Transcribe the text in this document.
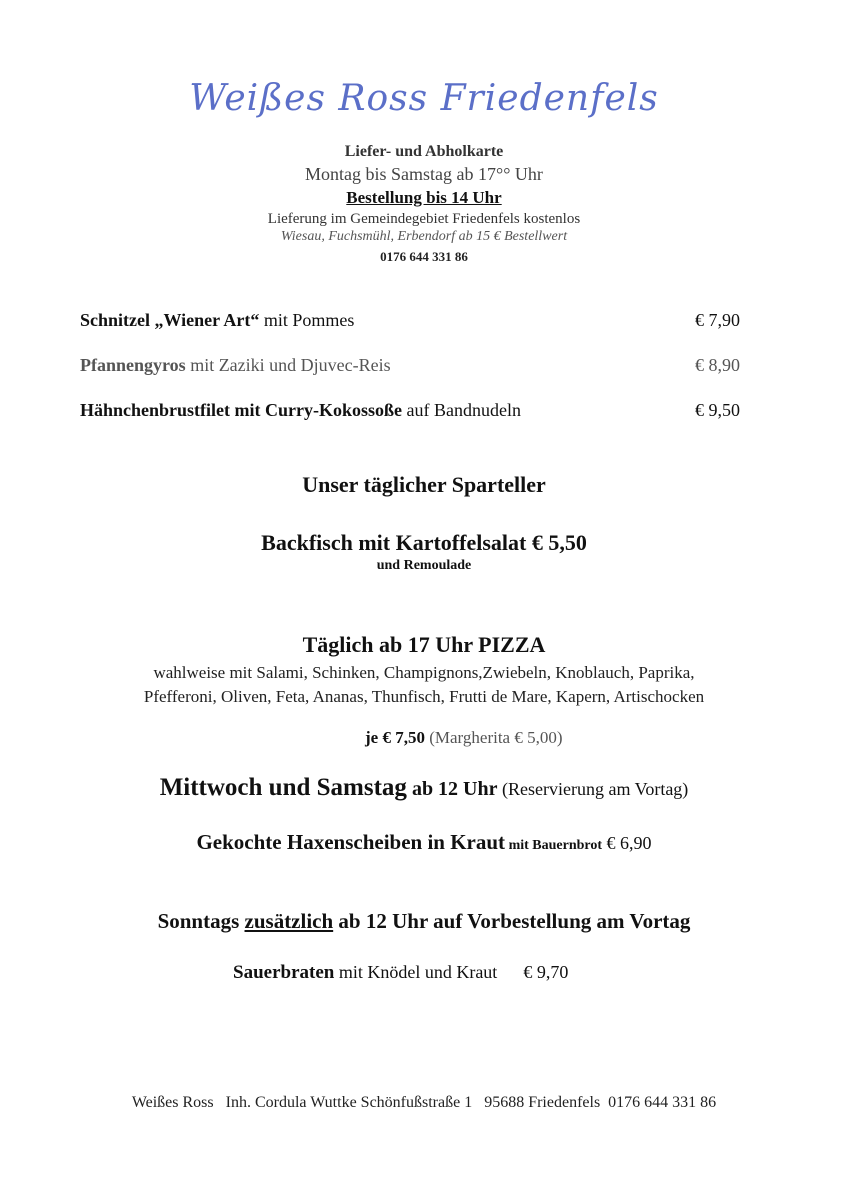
Weißes Ross Friedenfels
Liefer- und Abholkarte
Montag bis Samstag ab 17°° Uhr
Bestellung bis 14 Uhr
Lieferung im Gemeindegebiet Friedenfels kostenlos
Wiesau, Fuchsmühl, Erbendorf ab 15 € Bestellwert
0176 644 331 86
Schnitzel „Wiener Art“ mit Pommes	€ 7,90
Pfannengyros mit Zaziki und Djuvec-Reis	€ 8,90
Hähnchenbrustfilet mit Curry-Kokossoße auf Bandnudeln	€ 9,50
Unser täglicher Sparteller
Backfisch mit Kartoffelsalat € 5,50
und Remoulade
Täglich ab 17 Uhr PIZZA
wahlweise mit Salami, Schinken, Champignons,Zwiebeln, Knoblauch, Paprika,
Pfefferoni, Oliven, Feta, Ananas, Thunfisch, Frutti de Mare, Kapern, Artischocken
je € 7,50 (Margherita € 5,00)
Mittwoch und Samstag ab 12 Uhr (Reservierung am Vortag)
Gekochte Haxenscheiben in Kraut mit Bauernbrot € 6,90
Sonntags zusätzlich ab 12 Uhr auf Vorbestellung am Vortag
Sauerbraten mit Knödel und Kraut € 9,70
Weißes Ross   Inh. Cordula Wuttke Schönfußstraße 1   95688 Friedenfels  0176 644 331 86
